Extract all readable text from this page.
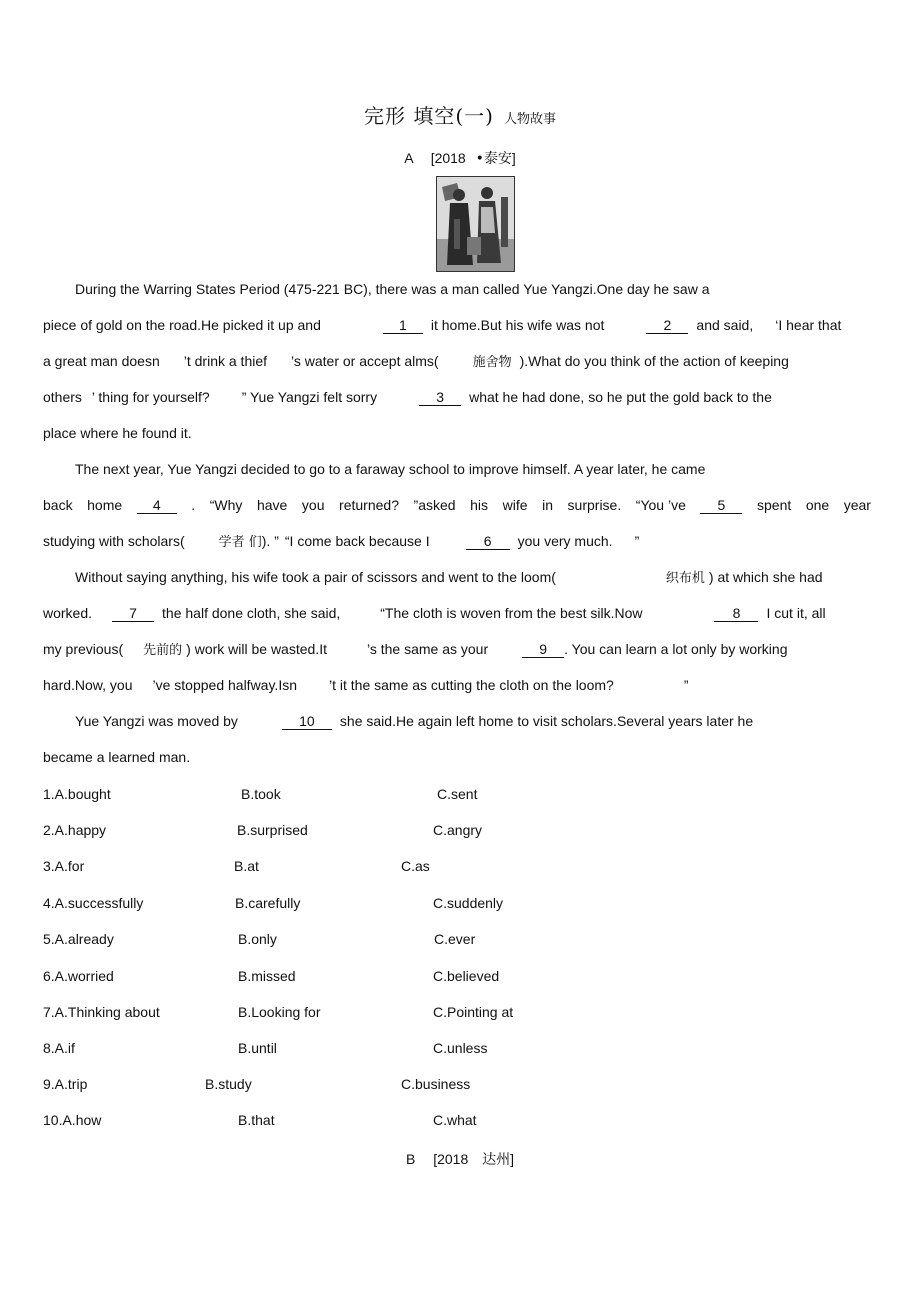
完形 填空(一) 人物故事
A [2018 •泰安]
During the Warring States Period (475-221 BC), there was a man called Yue Yangzi.One day he saw a
piece of gold on the road.He picked it up and	1 it home.But his wife was not	2 and said, ‘I hear that
a great man doesn ’t drink a thief ’s water or accept alms(	施舍物 ).What do you think of the action of keeping
others ’ thing for yourself? ” Yue Yangzi felt sorry	3 what he had done, so he put the gold back to the
place where he found it.
The next year, Yue Yangzi decided to go to a faraway school to improve himself. A year later, he came
back home	4	. “Why have you returned? ”asked his wife in surprise. “You ’ve	5	spent one year
studying with scholars(	学者 们). ” “I come back because I	6 you very much. ”
Without saying anything, his wife took a pair of scissors and went to the loom(	织布机 ) at which she had
worked.	7 the half done cloth, she said,	“The cloth is woven from the best silk.Now	8 I cut it, all
my previous( 先前的 ) work will be wasted.It	’s the same as your	9 . You can learn a lot only by working
hard.Now, you ’ve stopped halfway.Isn ’t it the same as cutting the cloth on the loom?	”
Yue Yangzi was moved by	10 she said.He again left home to visit scholars.Several years later he
became a learned man.
1.A.bought	B.took	C.sent
2.A.happy	B.surprised	C.angry
3.A.for	B.at	C.as
4.A.successfully	B.carefully	C.suddenly
5.A.already	B.only	C.ever
6.A.worried	B.missed	C.believed
7.A.Thinking about	B.Looking for	C.Pointing at
8.A.if	B.until	C.unless
9.A.trip	B.study	C.business
10.A.how	B.that	C.what
B [2018 达州]
